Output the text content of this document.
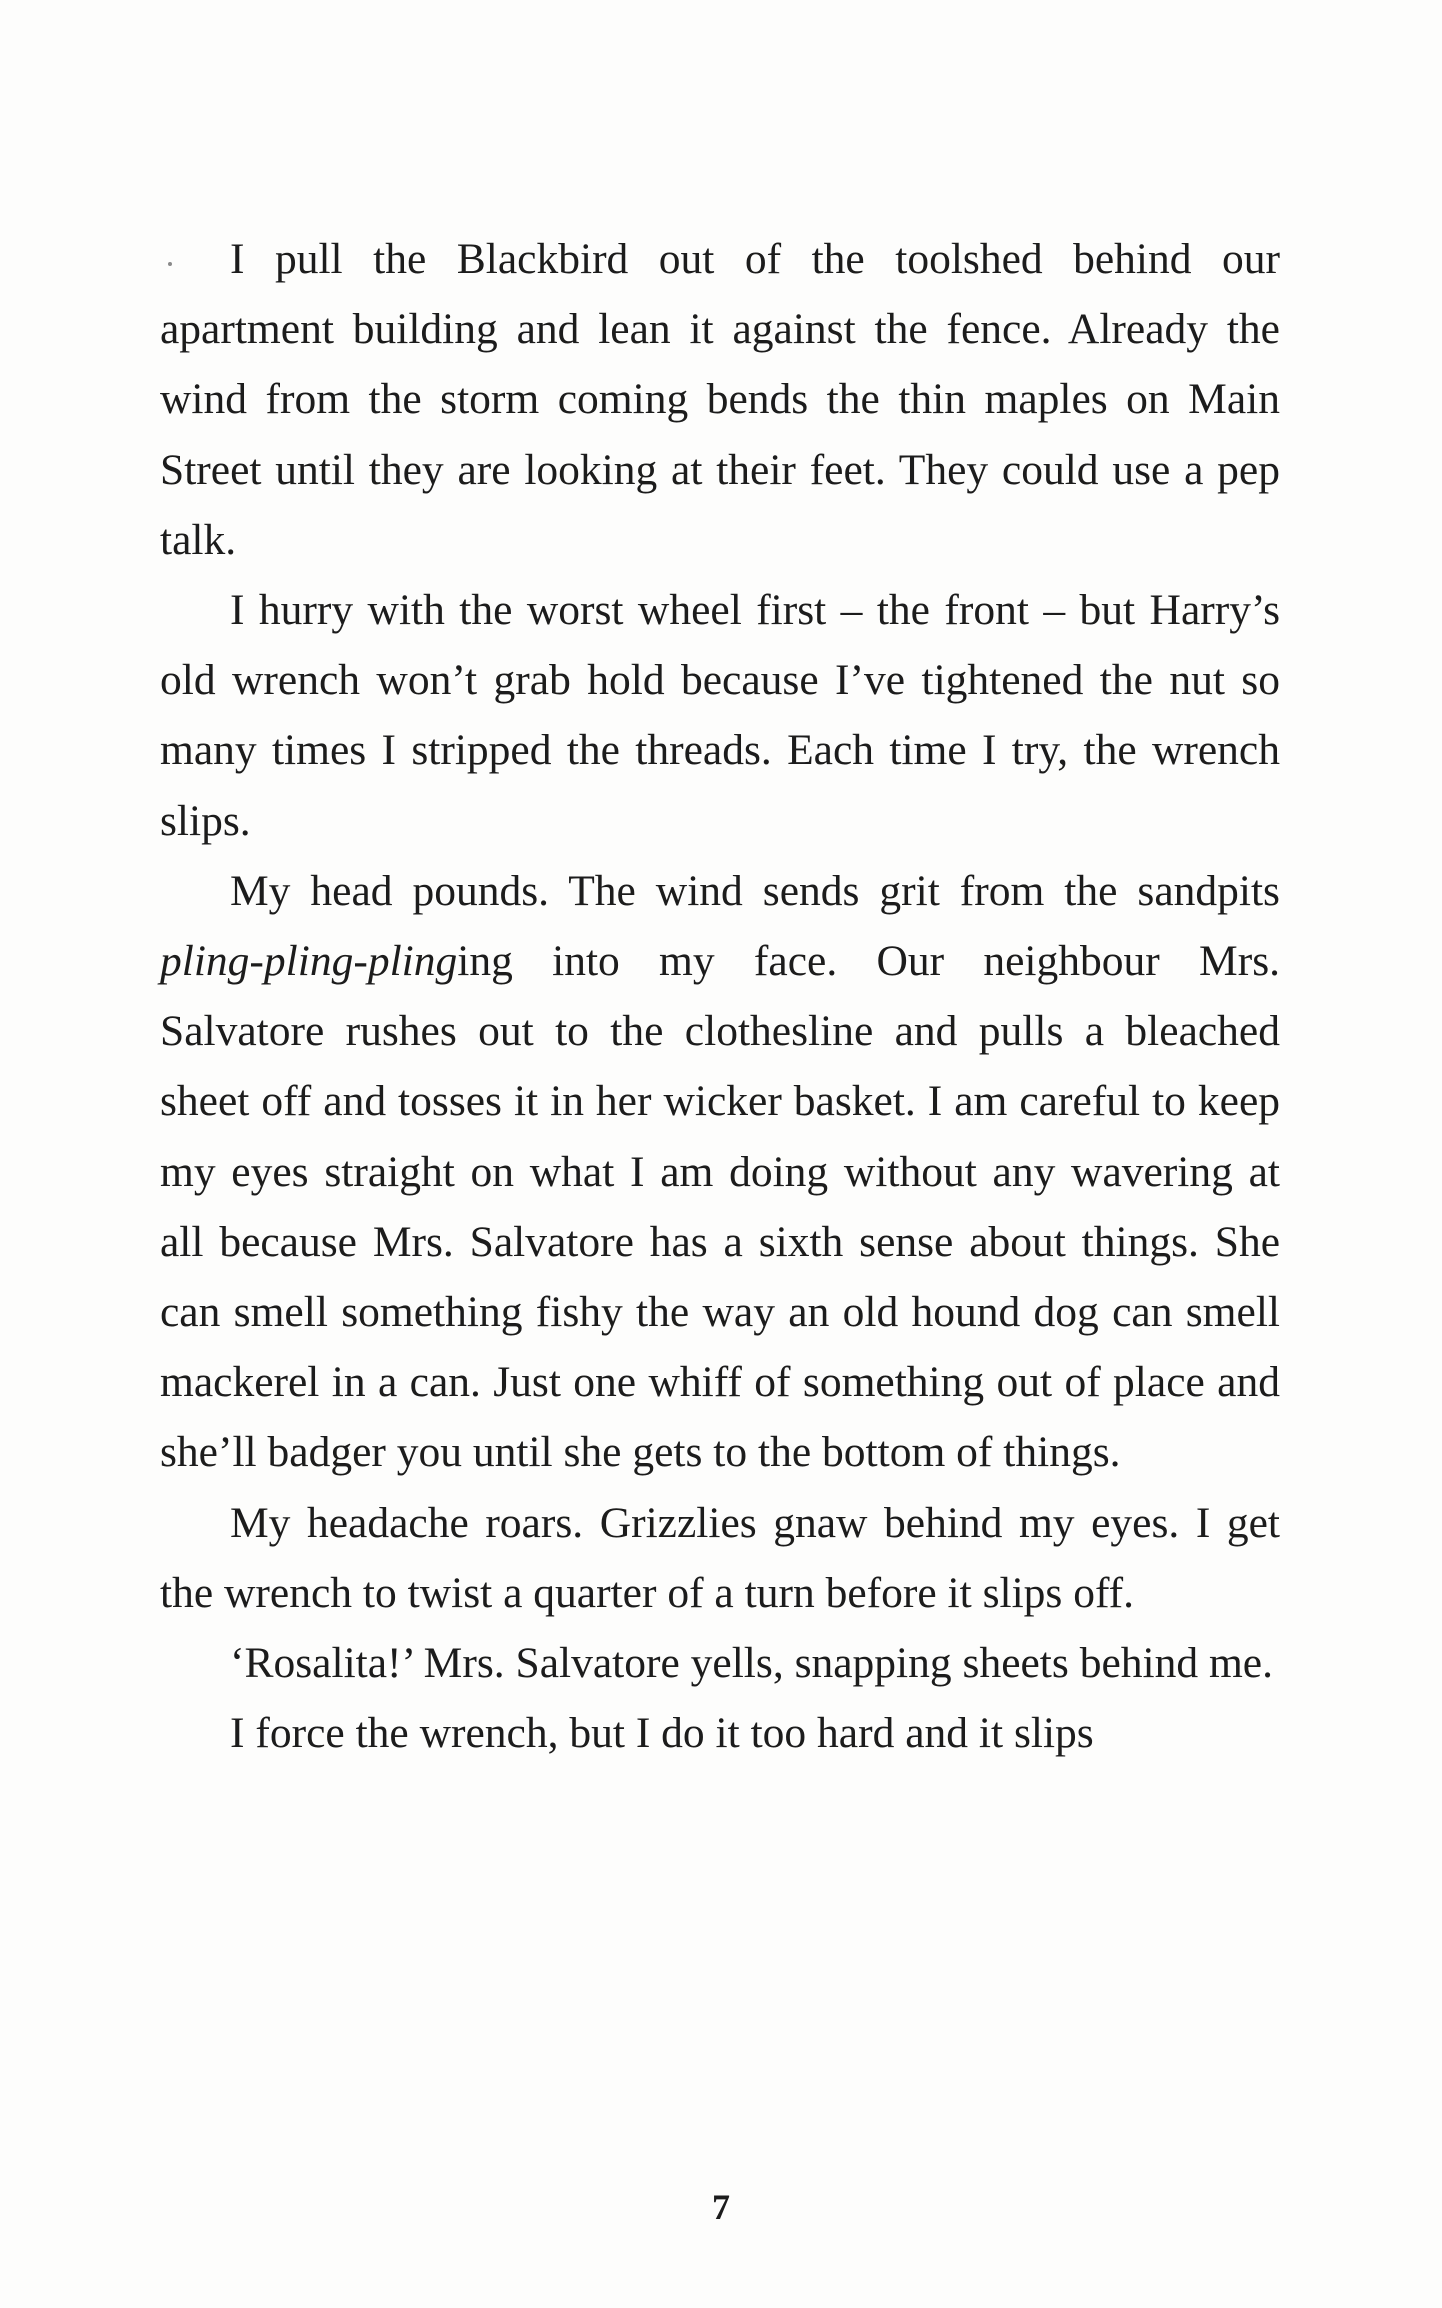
I pull the Blackbird out of the toolshed behind our apartment building and lean it against the fence. Already the wind from the storm coming bends the thin maples on Main Street until they are looking at their feet. They could use a pep talk.

I hurry with the worst wheel first – the front – but Harry’s old wrench won’t grab hold because I’ve tightened the nut so many times I stripped the threads. Each time I try, the wrench slips.

My head pounds. The wind sends grit from the sandpits pling-pling-plinging into my face. Our neighbour Mrs. Salvatore rushes out to the clothesline and pulls a bleached sheet off and tosses it in her wicker basket. I am careful to keep my eyes straight on what I am doing without any wavering at all because Mrs. Salvatore has a sixth sense about things. She can smell something fishy the way an old hound dog can smell mackerel in a can. Just one whiff of something out of place and she’ll badger you until she gets to the bottom of things.

My headache roars. Grizzlies gnaw behind my eyes. I get the wrench to twist a quarter of a turn before it slips off.

‘Rosalita!’ Mrs. Salvatore yells, snapping sheets behind me.

I force the wrench, but I do it too hard and it slips

7
